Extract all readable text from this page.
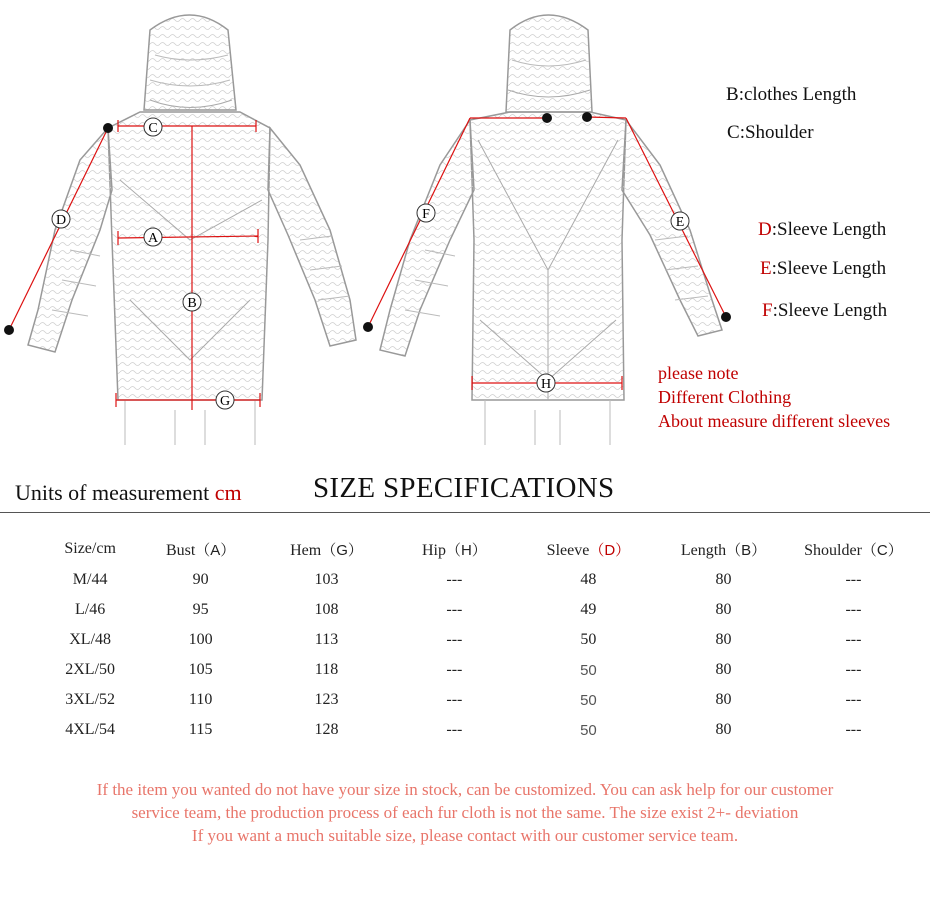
C
D
A
B
G
F
E
H
B:clothes Length
C:Shoulder
D:Sleeve Length
E:Sleeve Length
F:Sleeve Length
please note
Different Clothing
About measure different sleeves
Units of measurement cm SIZE SPECIFICATIONS
Size/cm	Bust（A）	Hem（G）	Hip（H）	Sleeve（D）	Length（B）	Shoulder（C）
M/44	90	103	---	48	80	---
L/46	95	108	---	49	80	---
XL/48	100	113	---	50	80	---
2XL/50	105	118	---	50	80	---
3XL/52	110	123	---	50	80	---
4XL/54	115	128	---	50	80	---
If the item you wanted do not have your size in stock, can be customized. You can ask help for our customer
service team, the production process of each fur cloth is not the same. The size exist 2+- deviation
If you want a much suitable size, please contact with our customer service team.
